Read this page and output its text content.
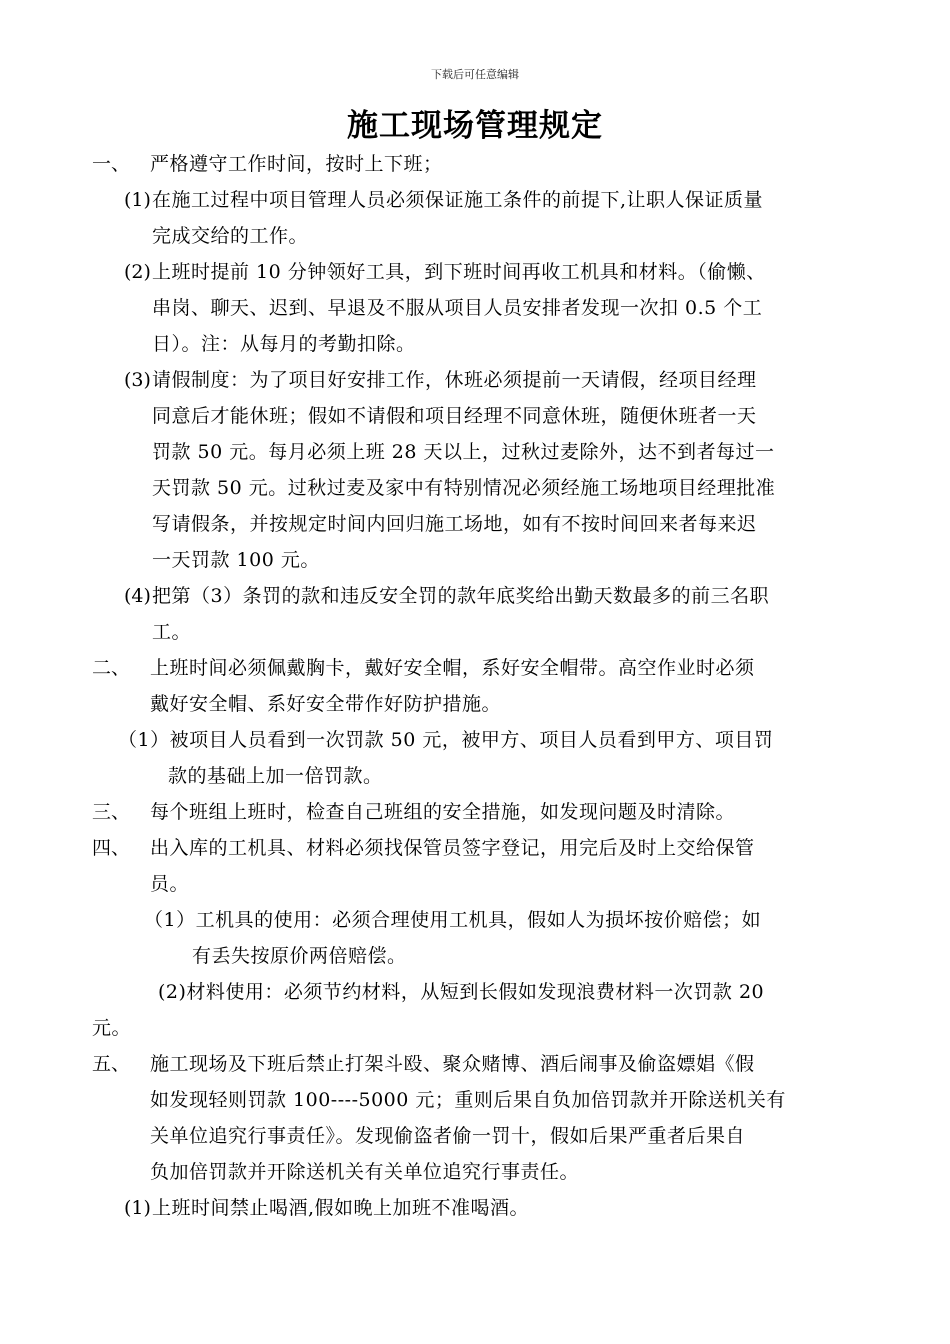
下载后可任意编辑
施工现场管理规定
一、 严格遵守工作时间，按时上下班；
(1) 在施工过程中项目管理人员必须保证施工条件的前提下,让职人保证质量
完成交给的工作。
(2) 上班时提前 10 分钟领好工具，到下班时间再收工机具和材料。（偷懒、
串岗、聊天、迟到、早退及不服从项目人员安排者发现一次扣 0.5 个工
日）。注：从每月的考勤扣除。
(3) 请假制度：为了项目好安排工作，休班必须提前一天请假，经项目经理
同意后才能休班；假如不请假和项目经理不同意休班，随便休班者一天
罚款 50 元。每月必须上班 28 天以上，过秋过麦除外，达不到者每过一
天罚款 50 元。过秋过麦及家中有特别情况必须经施工场地项目经理批准
写请假条，并按规定时间内回归施工场地，如有不按时间回来者每来迟
一天罚款 100 元。
(4) 把第（3）条罚的款和违反安全罚的款年底奖给出勤天数最多的前三名职
工。
二、 上班时间必须佩戴胸卡，戴好安全帽，系好安全帽带。高空作业时必须
戴好安全帽、系好安全带作好防护措施。
（1）被项目人员看到一次罚款 50 元，被甲方、项目人员看到甲方、项目罚
款的基础上加一倍罚款。
三、 每个班组上班时，检查自己班组的安全措施，如发现问题及时清除。
四、 出入库的工机具、材料必须找保管员签字登记，用完后及时上交给保管
员。
（1）工机具的使用：必须合理使用工机具，假如人为损坏按价赔偿；如
有丢失按原价两倍赔偿。
(2)材料使用：必须节约材料，从短到长假如发现浪费材料一次罚款 20
元。
五、 施工现场及下班后禁止打架斗殴、聚众赌博、酒后闹事及偷盗嫖娼《假
如发现轻则罚款 100----5000 元；重则后果自负加倍罚款并开除送机关有
关单位追究行事责任》。发现偷盗者偷一罚十，假如后果严重者后果自
负加倍罚款并开除送机关有关单位追究行事责任。
(1) 上班时间禁止喝酒,假如晚上加班不准喝酒。
